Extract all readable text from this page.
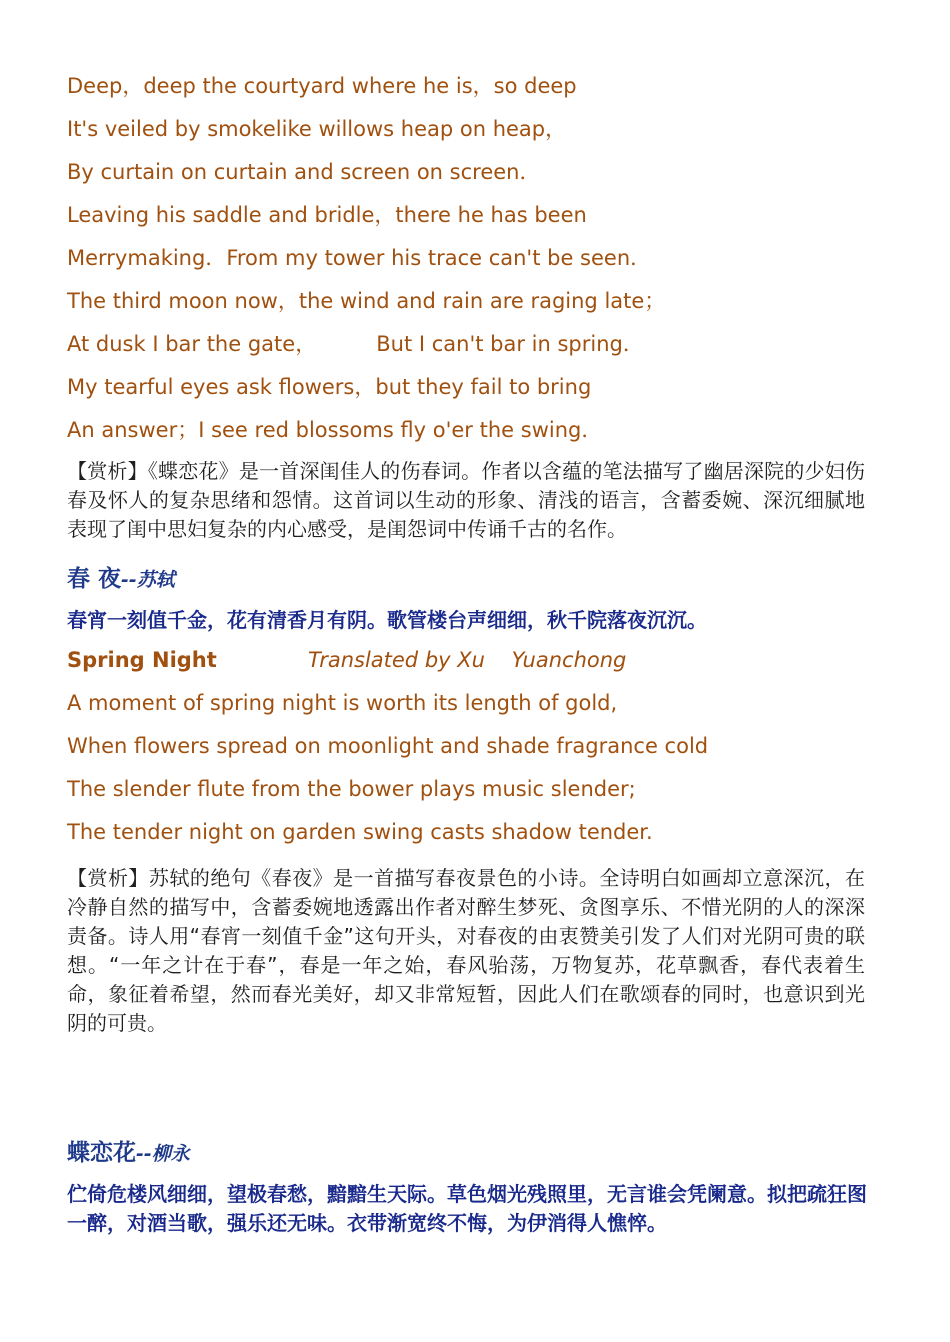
Deep，deep the courtyard where he is，so deep
It's veiled by smokelike willows heap on heap，
By curtain on curtain and screen on screen．
Leaving his saddle and bridle，there he has been
Merrymaking．From my tower his trace can't be seen．
The third moon now，the wind and rain are raging late；
At dusk I bar the gate，         But I can't bar in spring．
My tearful eyes ask flowers，but they fail to bring
An answer；I see red blossoms fly o'er the swing．
【赏析】《蝶恋花》是一首深闺佳人的伤春词。作者以含蕴的笔法描写了幽居深院的少妇伤春及怀人的复杂思绪和怨情。这首词以生动的形象、清浅的语言，含蓄委婉、深沉细腻地表现了闺中思妇复杂的内心感受，是闺怨词中传诵千古的名作。
春 夜--苏轼
春宵一刻值千金，花有清香月有阴。歌管楼台声细细，秋千院落夜沉沉。
Spring Night	Translated by Xu    Yuanchong
A moment of spring night is worth its length of gold,
When flowers spread on moonlight and shade fragrance cold
The slender flute from the bower plays music slender;
The tender night on garden swing casts shadow tender.
【赏析】苏轼的绝句《春夜》是一首描写春夜景色的小诗。全诗明白如画却立意深沉，在冷静自然的描写中，含蓄委婉地透露出作者对醉生梦死、贪图享乐、不惜光阴的人的深深责备。诗人用“春宵一刻值千金”这句开头，对春夜的由衷赞美引发了人们对光阴可贵的联想。“一年之计在于春”，春是一年之始，春风骀荡，万物复苏，花草飘香，春代表着生命，象征着希望，然而春光美好，却又非常短暂，因此人们在歌颂春的同时，也意识到光阴的可贵。
蝶恋花--柳永
伫倚危楼风细细，望极春愁，黯黯生天际。草色烟光残照里，无言谁会凭阑意。拟把疏狂图一醉，对酒当歌，强乐还无味。衣带渐宽终不悔，为伊消得人憔悴。
